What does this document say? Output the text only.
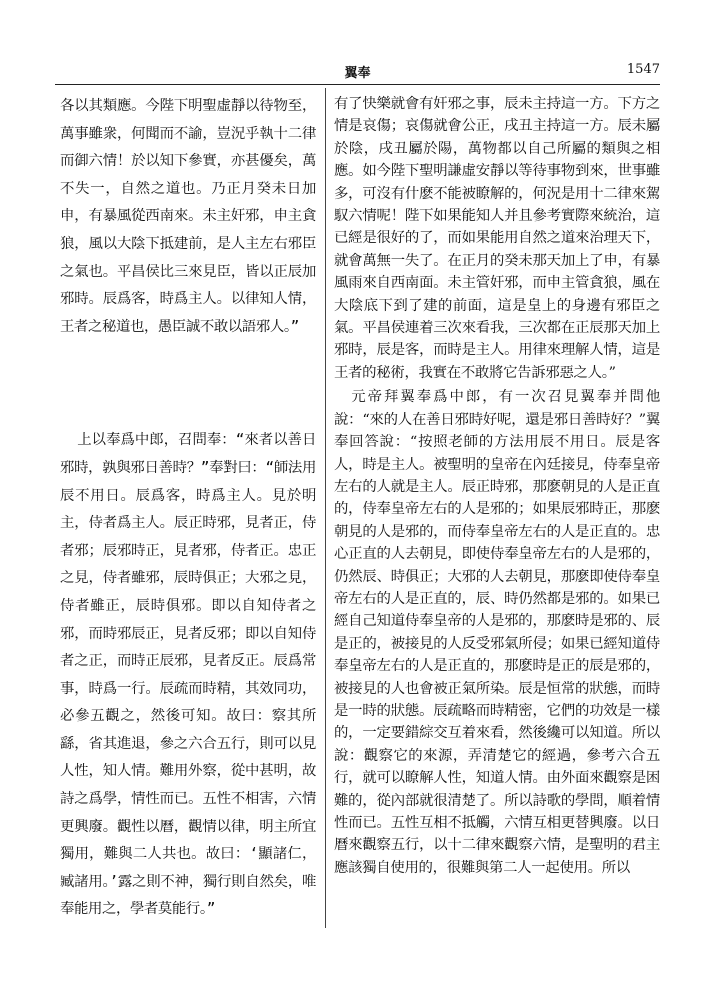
翼奉	1547

各以其類應。今陛下明聖虛靜以待物至，萬事雖衆，何聞而不諭，豈況乎執十二律而御六情！於以知下參實，亦甚優矣，萬不失一，自然之道也。乃正月癸未日加申，有暴風從西南來。未主奸邪，申主貪狼，風以大陰下抵建前，是人主左右邪臣之氣也。平昌侯比三來見臣，皆以正辰加邪時。辰爲客，時爲主人。以律知人情，王者之秘道也，愚臣誠不敢以語邪人。”

上以奉爲中郎，召問奉：“來者以善日邪時，孰與邪日善時？”奉對曰：“師法用辰不用日。辰爲客，時爲主人。見於明主，侍者爲主人。辰正時邪，見者正，侍者邪；辰邪時正，見者邪，侍者正。忠正之見，侍者雖邪，辰時俱正；大邪之見，侍者雖正，辰時俱邪。即以自知侍者之邪，而時邪辰正，見者反邪；即以自知侍者之正，而時正辰邪，見者反正。辰爲常事，時爲一行。辰疏而時精，其效同功，必參五觀之，然後可知。故曰：察其所繇，省其進退，參之六合五行，則可以見人性，知人情。難用外察，從中甚明，故詩之爲學，情性而已。五性不相害，六情更興廢。觀性以曆，觀情以律，明主所宜獨用，難與二人共也。故曰：‘顯諸仁，臧諸用。’露之則不神，獨行則自然矣，唯奉能用之，學者莫能行。”

有了快樂就會有奸邪之事，辰未主持這一方。下方之情是哀傷；哀傷就會公正，戌丑主持這一方。辰未屬於陰，戌丑屬於陽，萬物都以自己所屬的類與之相應。如今陛下聖明謙虛安靜以等待事物到來，世事雖多，可沒有什麽不能被瞭解的，何況是用十二律來駕馭六情呢！陛下如果能知人并且參考實際來統治，這已經是很好的了，而如果能用自然之道來治理天下，就會萬無一失了。在正月的癸未那天加上了申，有暴風雨來自西南面。未主管奸邪，而申主管貪狼，風在大陰底下到了建的前面，這是皇上的身邊有邪臣之氣。平昌侯連着三次來看我，三次都在正辰那天加上邪時，辰是客，而時是主人。用律來理解人情，這是王者的秘術，我實在不敢將它告訴邪惡之人。”

元帝拜翼奉爲中郎，有一次召見翼奉并問他說：“來的人在善日邪時好呢，還是邪日善時好？”翼奉回答說：“按照老師的方法用辰不用日。辰是客人，時是主人。被聖明的皇帝在內廷接見，侍奉皇帝左右的人就是主人。辰正時邪，那麽朝見的人是正直的，侍奉皇帝左右的人是邪的；如果辰邪時正，那麽朝見的人是邪的，而侍奉皇帝左右的人是正直的。忠心正直的人去朝見，即使侍奉皇帝左右的人是邪的，仍然辰、時俱正；大邪的人去朝見，那麽即使侍奉皇帝左右的人是正直的，辰、時仍然都是邪的。如果已經自己知道侍奉皇帝的人是邪的，那麽時是邪的、辰是正的，被接見的人反受邪氣所侵；如果已經知道侍奉皇帝左右的人是正直的，那麽時是正的辰是邪的，被接見的人也會被正氣所染。辰是恒常的狀態，而時是一時的狀態。辰疏略而時精密，它們的功效是一樣的，一定要錯綜交互着來看，然後纔可以知道。所以說：觀察它的來源，弄清楚它的經過，參考六合五行，就可以瞭解人性，知道人情。由外面來觀察是困難的，從內部就很清楚了。所以詩歌的學問，順着情性而已。五性互相不抵觸，六情互相更替興廢。以日曆來觀察五行，以十二律來觀察六情，是聖明的君主應該獨自使用的，很難與第二人一起使用。所以
